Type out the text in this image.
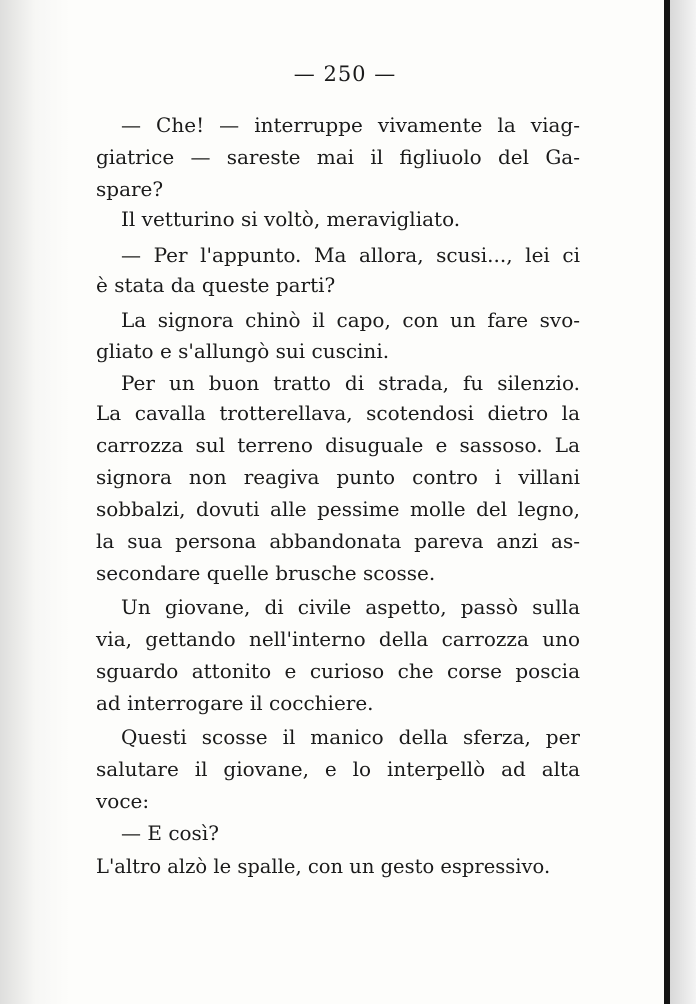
— 250 —
— Che! — interruppe vivamente la viag-
giatrice — sareste mai il figliuolo del Ga-
spare?
Il vetturino si voltò, meravigliato.
— Per l'appunto. Ma allora, scusi..., lei ci
è stata da queste parti?
La signora chinò il capo, con un fare svo-
gliato e s'allungò sui cuscini.
Per un buon tratto di strada, fu silenzio.
La cavalla trotterellava, scotendosi dietro la
carrozza sul terreno disuguale e sassoso. La
signora non reagiva punto contro i villani
sobbalzi, dovuti alle pessime molle del legno,
la sua persona abbandonata pareva anzi as-
secondare quelle brusche scosse.
Un giovane, di civile aspetto, passò sulla
via, gettando nell'interno della carrozza uno
sguardo attonito e curioso che corse poscia
ad interrogare il cocchiere.
Questi scosse il manico della sferza, per
salutare il giovane, e lo interpellò ad alta
voce:
— E così?
L'altro alzò le spalle, con un gesto espressivo.
